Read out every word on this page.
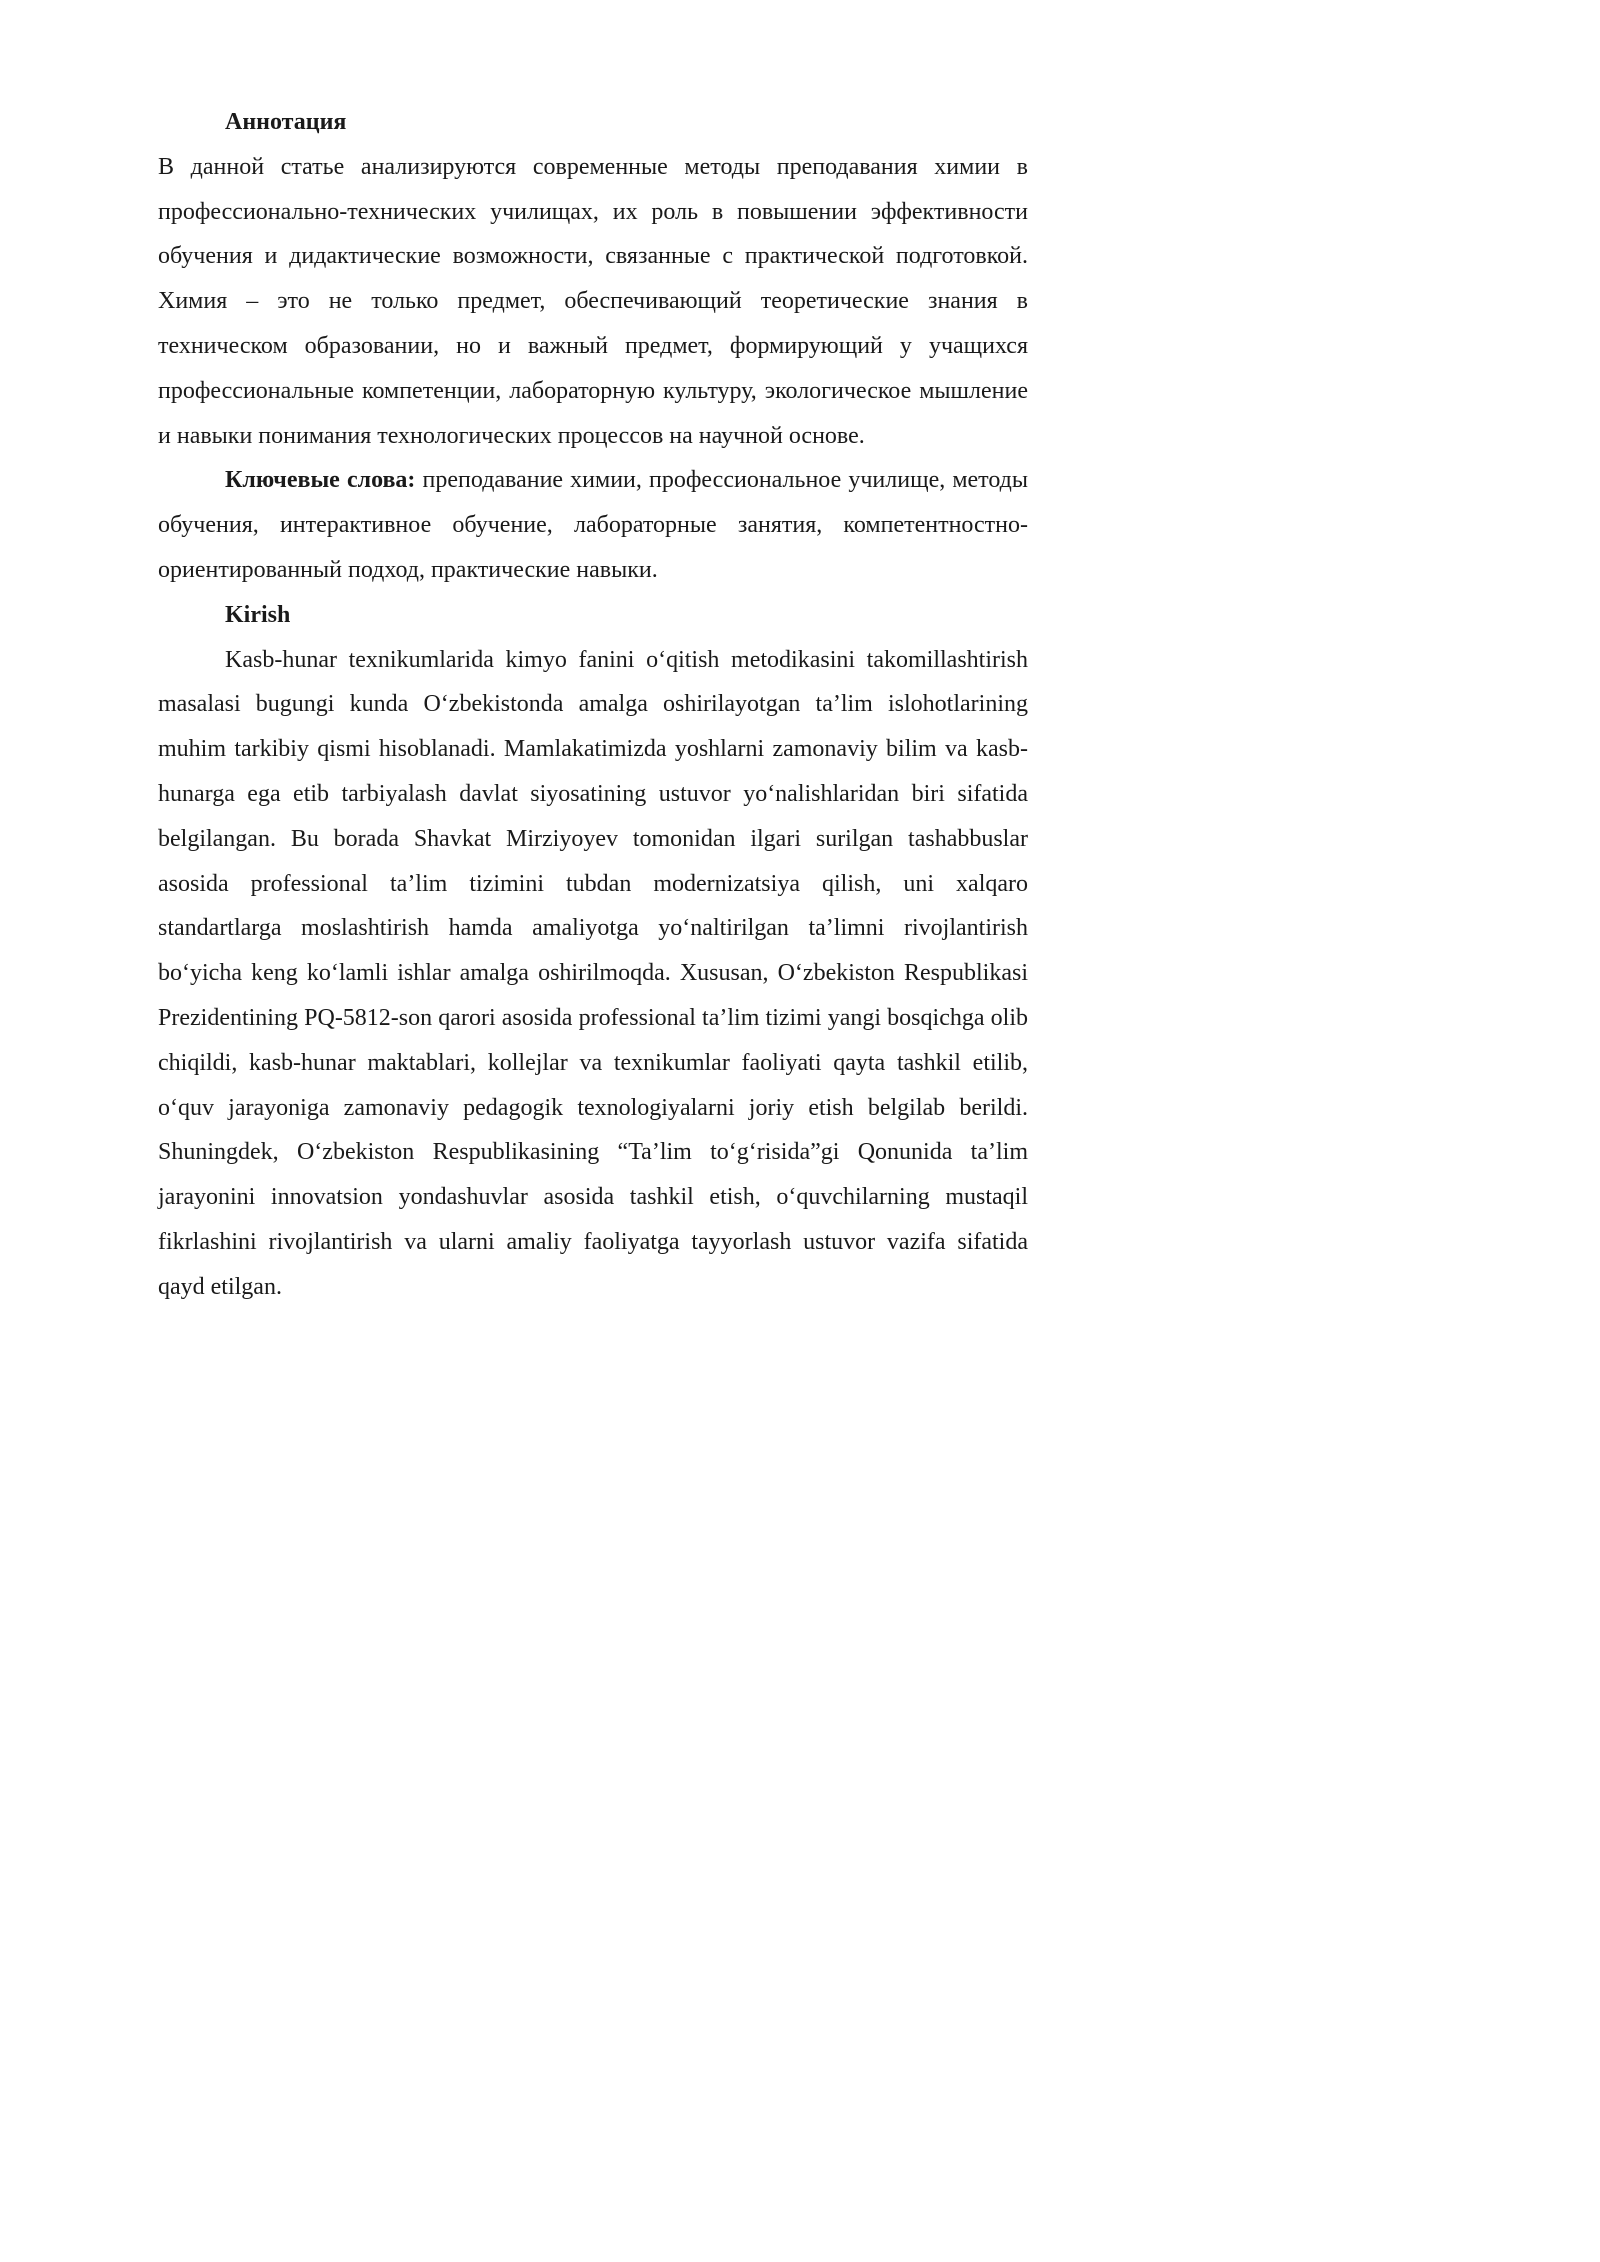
Аннотация

В данной статье анализируются современные методы преподавания химии в профессионально-технических училищах, их роль в повышении эффективности обучения и дидактические возможности, связанные с практической подготовкой. Химия – это не только предмет, обеспечивающий теоретические знания в техническом образовании, но и важный предмет, формирующий у учащихся профессиональные компетенции, лабораторную культуру, экологическое мышление и навыки понимания технологических процессов на научной основе.

Ключевые слова: преподавание химии, профессиональное училище, методы обучения, интерактивное обучение, лабораторные занятия, компетентностно-ориентированный подход, практические навыки.

Kirish

Kasb-hunar texnikumlarida kimyo fanini oʻqitish metodikasini takomillashtirish masalasi bugungi kunda Oʻzbekistonda amalga oshirilayotgan ta’lim islohotlarining muhim tarkibiy qismi hisoblanadi. Mamlakatimizda yoshlarni zamonaviy bilim va kasb-hunarga ega etib tarbiyalash davlat siyosatining ustuvor yoʻnalishlaridan biri sifatida belgilangan. Bu borada Shavkat Mirziyoyev tomonidan ilgari surilgan tashabbuslar asosida professional ta’lim tizimini tubdan modernizatsiya qilish, uni xalqaro standartlarga moslashtirish hamda amaliyotga yoʻnaltirilgan ta’limni rivojlantirish boʻyicha keng koʻlamli ishlar amalga oshirilmoqda. Xususan, Oʻzbekiston Respublikasi Prezidentining PQ-5812-son qarori asosida professional ta’lim tizimi yangi bosqichga olib chiqildi, kasb-hunar maktablari, kollejlar va texnikumlar faoliyati qayta tashkil etilib, oʻquv jarayoniga zamonaviy pedagogik texnologiyalarni joriy etish belgilab berildi. Shuningdek, Oʻzbekiston Respublikasining “Ta’lim toʻgʻrisida”gi Qonunida ta’lim jarayonini innovatsion yondashuvlar asosida tashkil etish, oʻquvchilarning mustaqil fikrlashini rivojlantirish va ularni amaliy faoliyatga tayyorlash ustuvor vazifa sifatida qayd etilgan.
